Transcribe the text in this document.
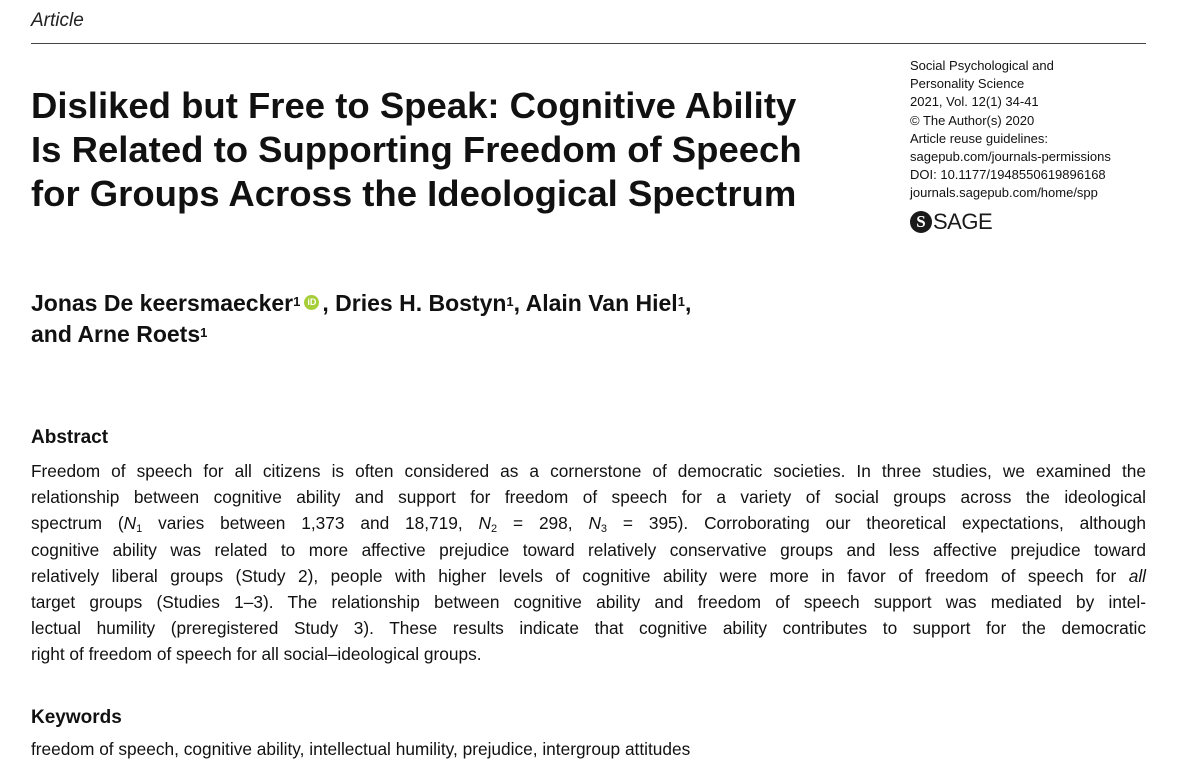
Article
Disliked but Free to Speak: Cognitive Ability
Is Related to Supporting Freedom of Speech
for Groups Across the Ideological Spectrum
Social Psychological and
Personality Science
2021, Vol. 12(1) 34-41
© The Author(s) 2020
Article reuse guidelines:
sagepub.com/journals-permissions
DOI: 10.1177/1948550619896168
journals.sagepub.com/home/spp
S SAGE
Jonas De keersmaecker$^1$ iD , Dries H. Bostyn$^1$, Alain Van Hiel$^1$,
and Arne Roets$^1$
Abstract
Freedom of speech for all citizens is often considered as a cornerstone of democratic societies. In three studies, we examined the
relationship between cognitive ability and support for freedom of speech for a variety of social groups across the ideological
spectrum ($N_1$ varies between 1,373 and 18,719, $N_2 = 298$, $N_3 = 395$). Corroborating our theoretical expectations, although
cognitive ability was related to more affective prejudice toward relatively conservative groups and less affective prejudice toward
relatively liberal groups (Study 2), people with higher levels of cognitive ability were more in favor of freedom of speech for all
target groups (Studies 1–3). The relationship between cognitive ability and freedom of speech support was mediated by intel-
lectual humility (preregistered Study 3). These results indicate that cognitive ability contributes to support for the democratic
right of freedom of speech for all social–ideological groups.
Keywords
freedom of speech, cognitive ability, intellectual humility, prejudice, intergroup attitudes
